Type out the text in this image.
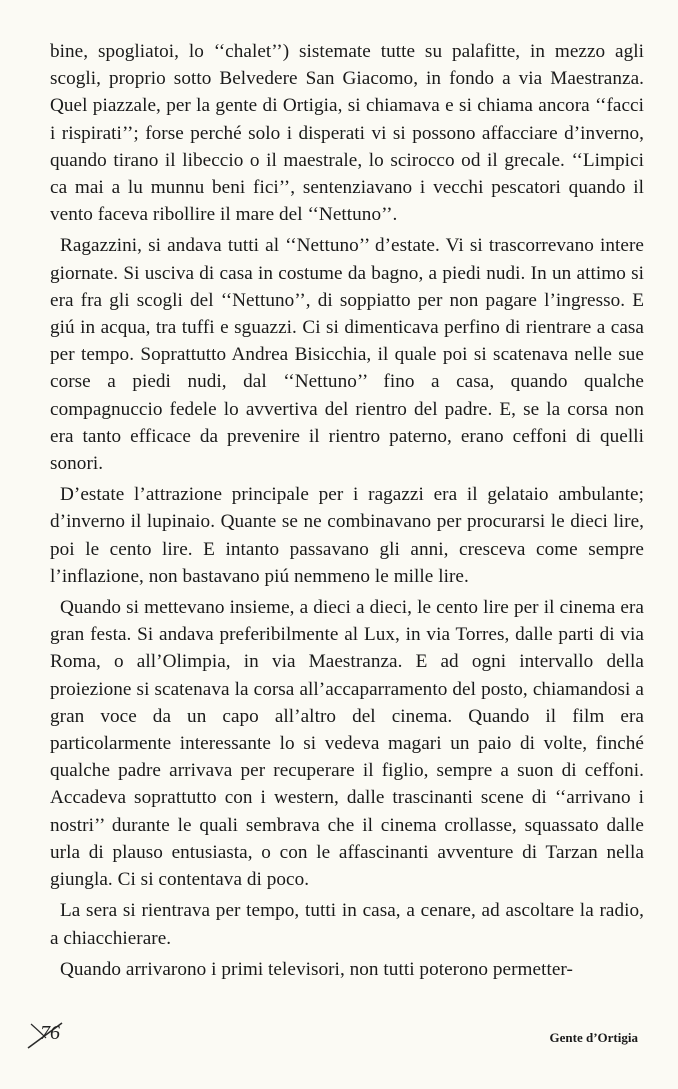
bine, spogliatoi, lo ‘‘chalet’’) sistemate tutte su palafitte, in mezzo agli scogli, proprio sotto Belvedere San Giacomo, in fondo a via Maestranza. Quel piazzale, per la gente di Ortigia, si chiamava e si chiama ancora ‘‘facci i rispirati’’; forse perché solo i disperati vi si possono affacciare d’inverno, quando tirano il libeccio o il maestrale, lo scirocco od il grecale. ‘‘Limpici ca mai a lu munnu beni fici’’, sentenziavano i vecchi pescatori quando il vento faceva ribollire il mare del ‘‘Nettuno’’.

Ragazzini, si andava tutti al ‘‘Nettuno’’ d’estate. Vi si trascorrevano intere giornate. Si usciva di casa in costume da bagno, a piedi nudi. In un attimo si era fra gli scogli del ‘‘Nettuno’’, di soppiatto per non pagare l’ingresso. E giú in acqua, tra tuffi e sguazzi. Ci si dimenticava perfino di rientrare a casa per tempo. Soprattutto Andrea Bisicchia, il quale poi si scatenava nelle sue corse a piedi nudi, dal ‘‘Nettuno’’ fino a casa, quando qualche compagnuccio fedele lo avvertiva del rientro del padre. E, se la corsa non era tanto efficace da prevenire il rientro paterno, erano ceffoni di quelli sonori.

D’estate l’attrazione principale per i ragazzi era il gelataio ambulante; d’inverno il lupinaio. Quante se ne combinavano per procurarsi le dieci lire, poi le cento lire. E intanto passavano gli anni, cresceva come sempre l’inflazione, non bastavano piú nemmeno le mille lire.

Quando si mettevano insieme, a dieci a dieci, le cento lire per il cinema era gran festa. Si andava preferibilmente al Lux, in via Torres, dalle parti di via Roma, o all’Olimpia, in via Maestranza. E ad ogni intervallo della proiezione si scatenava la corsa all’accaparramento del posto, chiamandosi a gran voce da un capo all’altro del cinema. Quando il film era particolarmente interessante lo si vedeva magari un paio di volte, finché qualche padre arrivava per recuperare il figlio, sempre a suon di ceffoni. Accadeva soprattutto con i western, dalle trascinanti scene di ‘‘arrivano i nostri’’ durante le quali sembrava che il cinema crollasse, squassato dalle urla di plauso entusiasta, o con le affascinanti avventure di Tarzan nella giungla. Ci si contentava di poco.

La sera si rientrava per tempo, tutti in casa, a cenare, ad ascoltare la radio, a chiacchierare.

Quando arrivarono i primi televisori, non tutti poterono permetter-

76	Gente d’Ortigia
